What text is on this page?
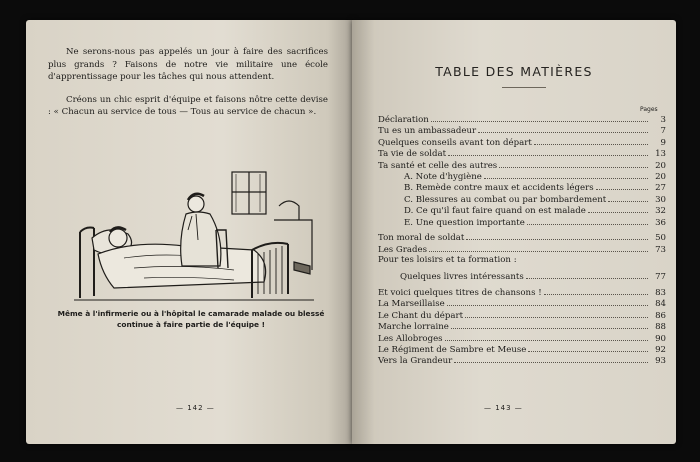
Ne serons-nous pas appelés un jour à faire des sacrifices plus grands ? Faisons de notre vie militaire une école d'apprentissage pour les tâches qui nous attendent.

Créons un chic esprit d'équipe et faisons nôtre cette devise : « Chacun au service de tous — Tous au service de chacun ».

Même à l'infirmerie ou à l'hôpital le camarade malade ou blessé continue à faire partie de l'équipe !
— 142 —
TABLE DES MATIÈRES
Pages
Déclaration	3
Tu es un ambassadeur	7
Quelques conseils avant ton départ	9
Ta vie de soldat	13
Ta santé et celle des autres	20
A. Note d'hygiène	20
B. Remède contre maux et accidents légers	27
C. Blessures au combat ou par bombardement	30
D. Ce qu'il faut faire quand on est malade	32
E. Une question importante	36
Ton moral de soldat	50
Les Grades	73
Pour tes loisirs et ta formation :
Quelques livres intéressants	77
Et voici quelques titres de chansons !	83
La Marseillaise	84
Le Chant du départ	86
Marche lorraine	88
Les Allobroges	90
Le Régiment de Sambre et Meuse	92
Vers la Grandeur	93
— 143 —
